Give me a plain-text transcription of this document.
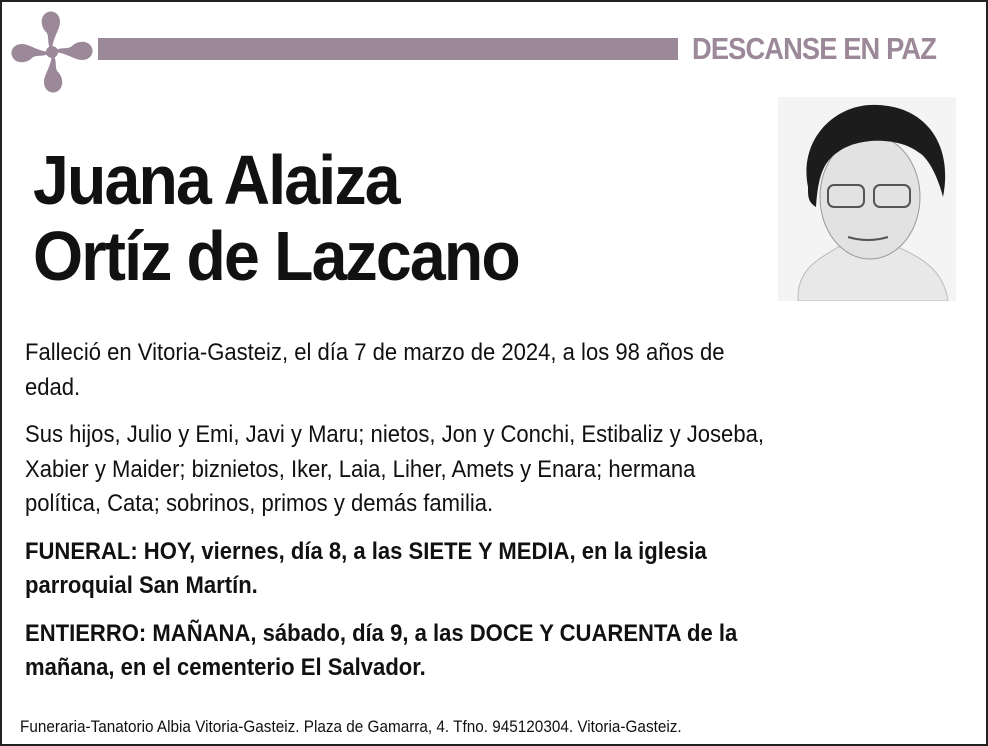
DESCANSE EN PAZ
Juana Alaiza
Ortíz de Lazcano

Falleció en Vitoria-Gasteiz, el día 7 de marzo de 2024, a los 98 años de
edad.

Sus hijos, Julio y Emi, Javi y Maru; nietos, Jon y Conchi, Estibaliz y Joseba,
Xabier y Maider; biznietos, Iker, Laia, Liher, Amets y Enara; hermana
política, Cata; sobrinos, primos y demás familia.

FUNERAL: HOY, viernes, día 8, a las SIETE Y MEDIA, en la iglesia
parroquial San Martín.

ENTIERRO: MAÑANA, sábado, día 9, a las DOCE Y CUARENTA de la
mañana, en el cementerio El Salvador.

Funeraria-Tanatorio Albia Vitoria-Gasteiz. Plaza de Gamarra, 4. Tfno. 945120304. Vitoria-Gasteiz.
